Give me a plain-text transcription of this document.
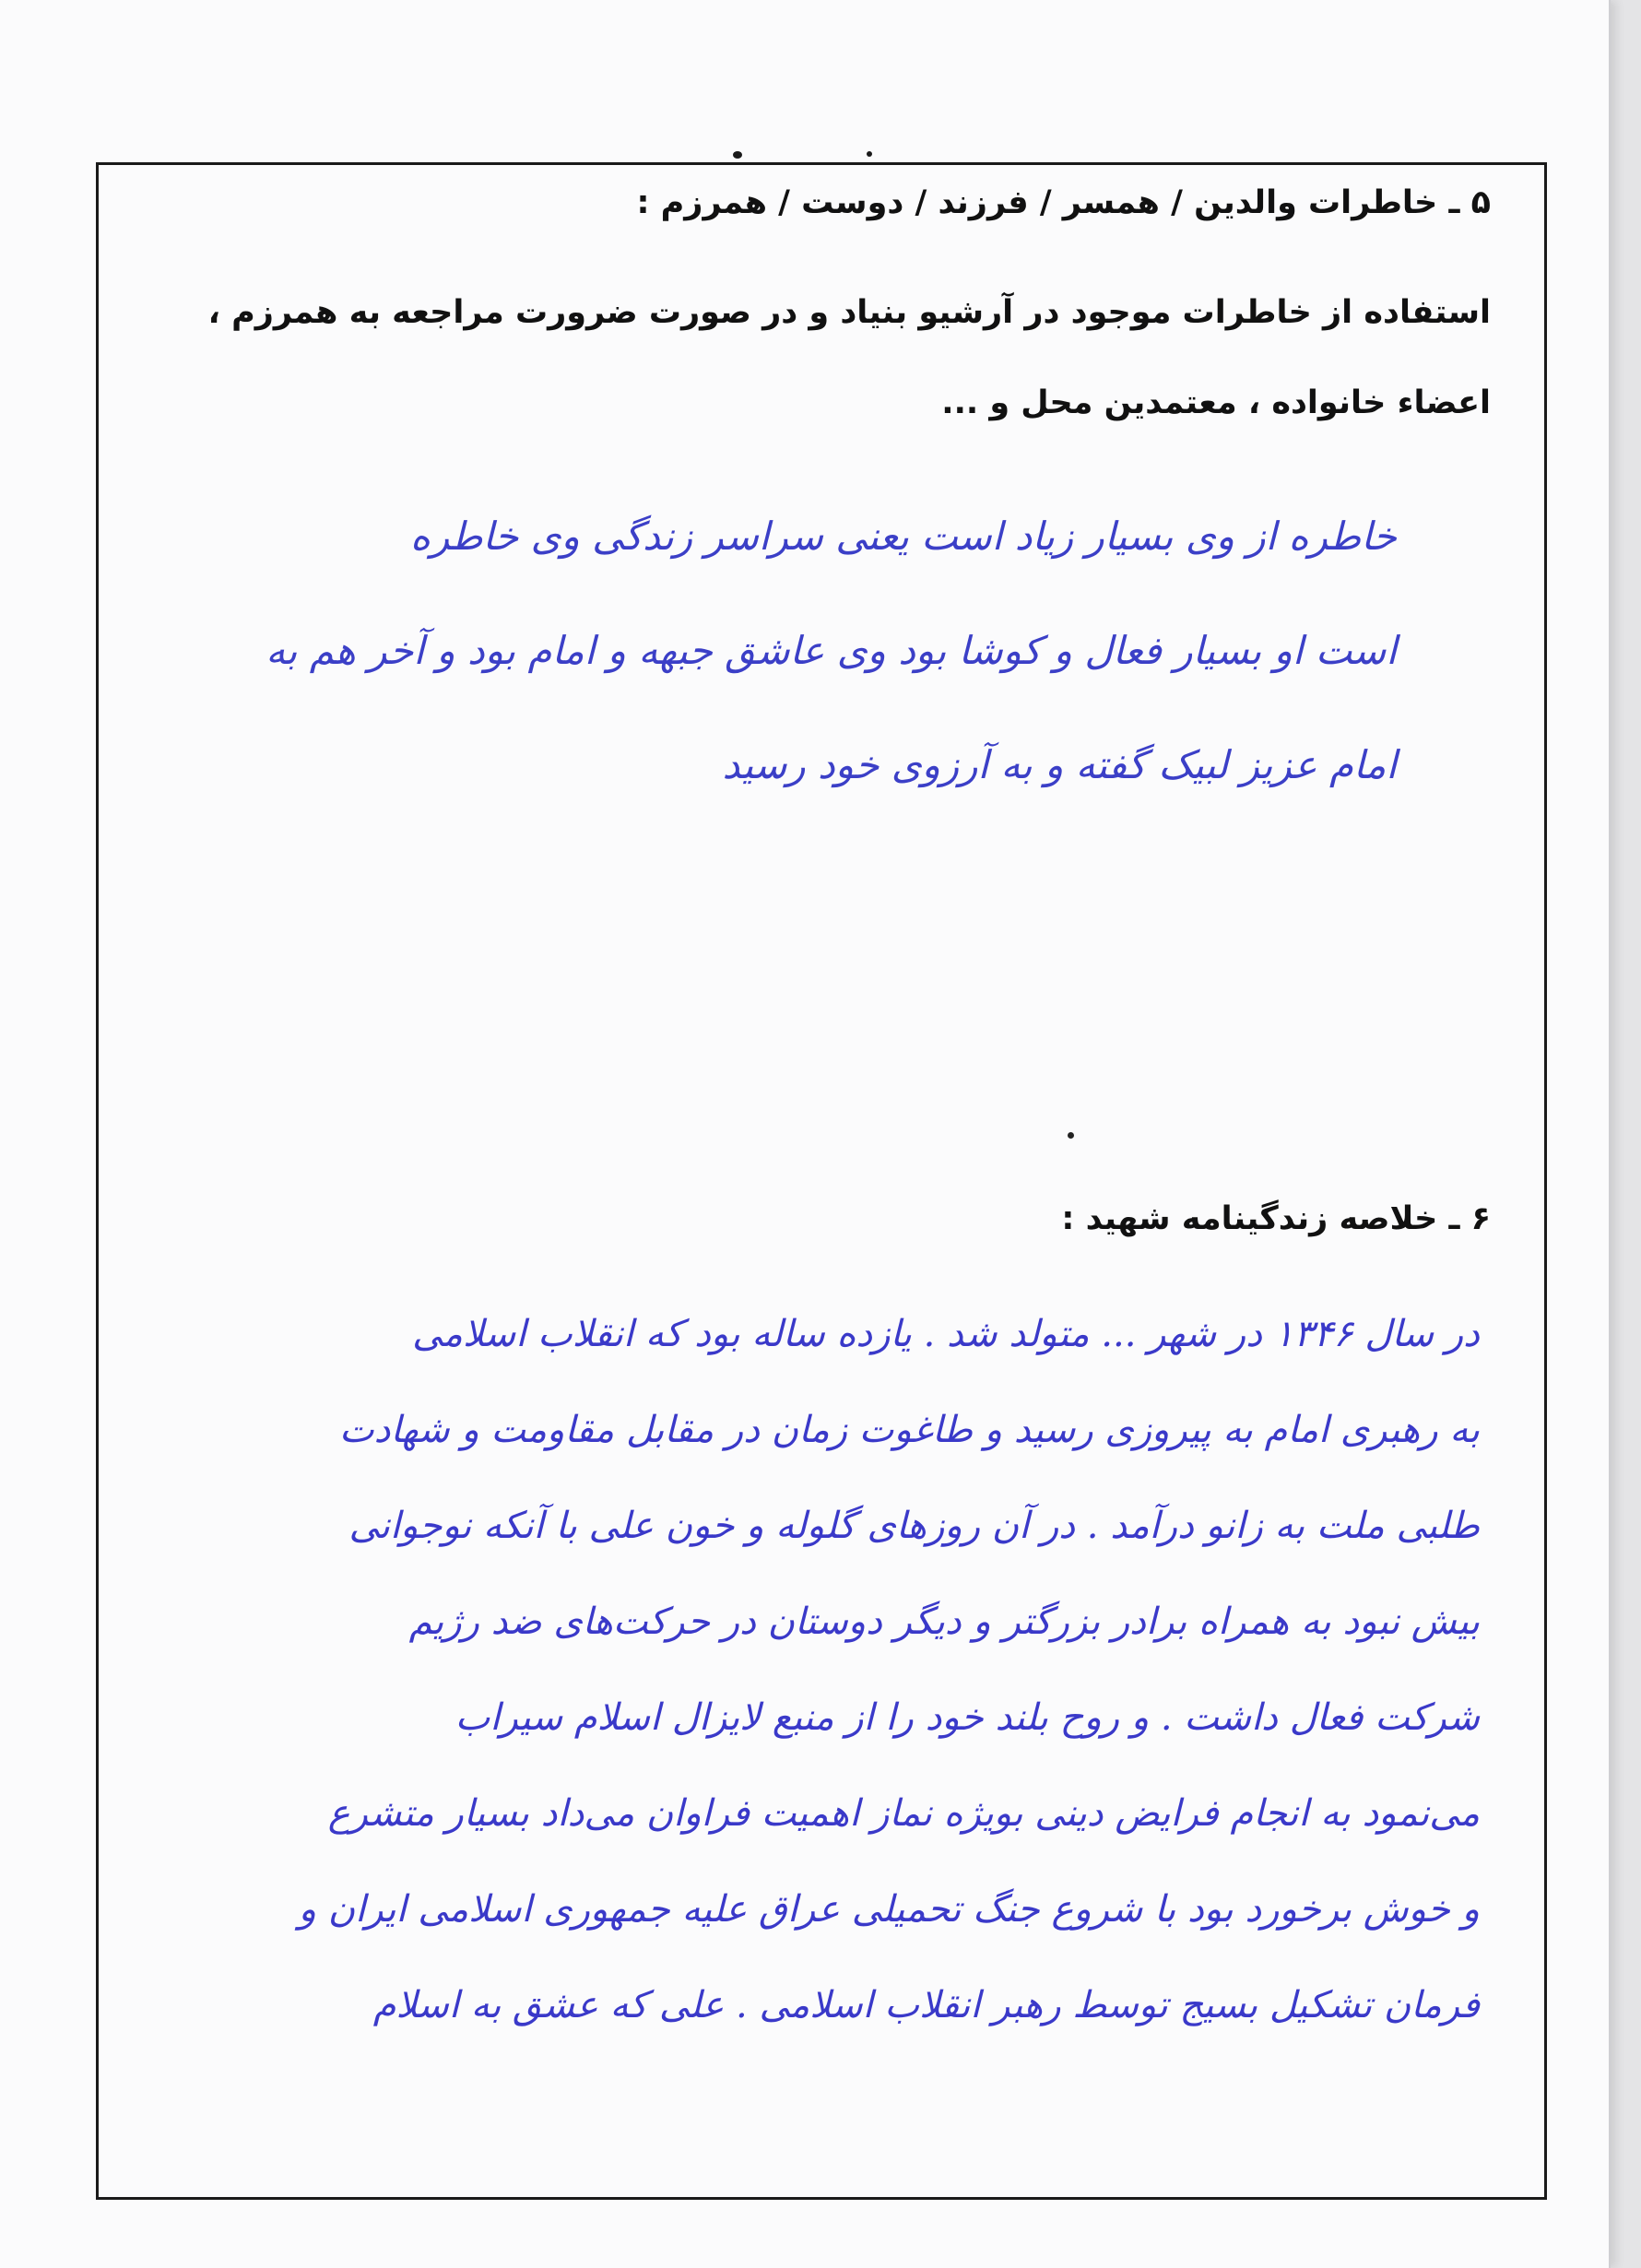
۵ ـ خاطرات والدین / همسر / فرزند / دوست / همرزم :

استفاده از خاطرات موجود در آرشیو بنیاد و در صورت ضرورت مراجعه به همرزم ، اعضاء خانواده ، معتمدین محل و ...

خاطره از وی بسیار زیاد است یعنی سراسر زندگی وی خاطره
است او بسیار فعال و کوشا بود وی عاشق جبهه و امام بود و آخر هم به
امام عزیز لبیک گفته و به آرزوی خود رسید

۶ ـ خلاصه زندگینامه شهید :

در سال ۱۳۴۶ در شهر ... متولد شد . یازده ساله بود که انقلاب اسلامی
به رهبری امام به پیروزی رسید و طاغوت زمان در مقابل مقاومت و شهادت
طلبی ملت به زانو درآمد . در آن روزهای گلوله و خون علی با آنکه نوجوانی
بیش نبود به همراه برادر بزرگتر و دیگر دوستان در حرکت‌های ضد رژیم
شرکت فعال داشت . و روح بلند خود را از منبع لایزال اسلام سیراب
می‌نمود به انجام فرایض دینی بویژه نماز اهمیت فراوان می‌داد بسیار متشرع
و خوش برخورد بود با شروع جنگ تحمیلی عراق علیه جمهوری اسلامی ایران و
فرمان تشکیل بسیج توسط رهبر انقلاب اسلامی . علی که عشق به اسلام
